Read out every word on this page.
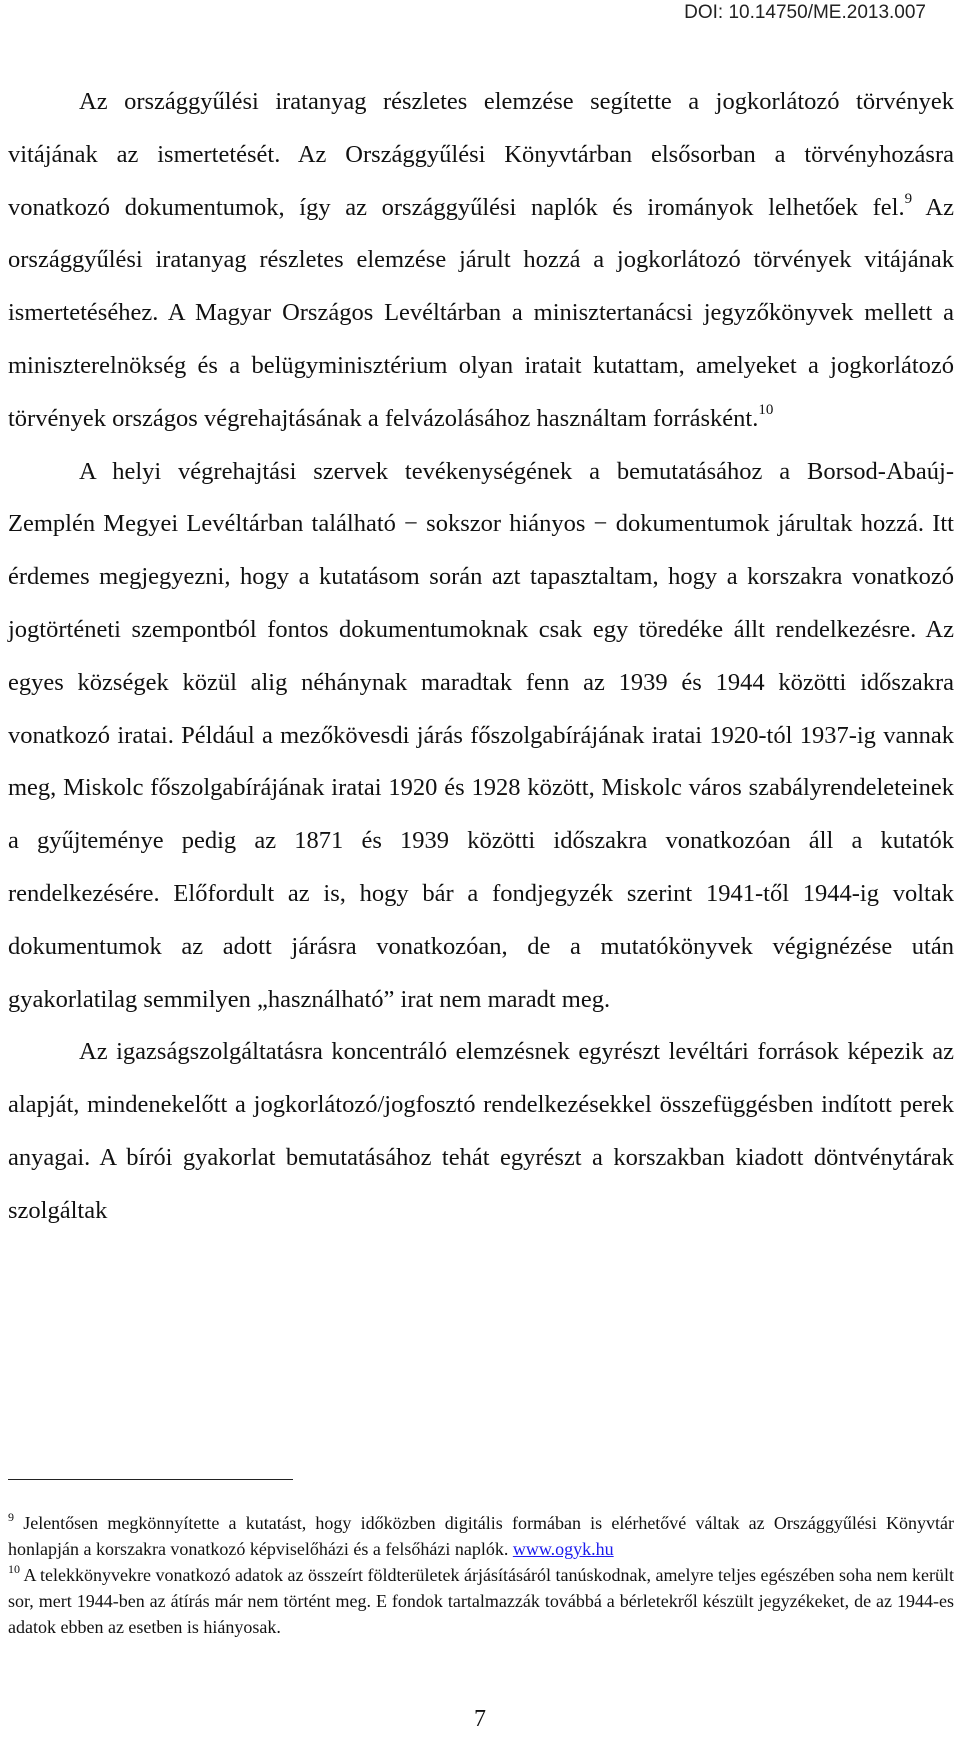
DOI: 10.14750/ME.2013.007

Az országgyűlési iratanyag részletes elemzése segítette a jogkorlátozó törvények vitájának az ismertetését. Az Országgyűlési Könyvtárban elsősorban a törvényhozásra vonatkozó dokumentumok, így az országgyűlési naplók és irományok lelhetőek fel.$^9$ Az országgyűlési iratanyag részletes elemzése járult hozzá a jogkorlátozó törvények vitájának ismertetéséhez. A Magyar Országos Levéltárban a minisztertanácsi jegyzőkönyvek mellett a miniszterelnökség és a belügyminisztérium olyan iratait kutattam, amelyeket a jogkorlátozó törvények országos végrehajtásának a felvázolásához használtam forrásként.$^{10}$

A helyi végrehajtási szervek tevékenységének a bemutatásához a Borsod-Abaúj-Zemplén Megyei Levéltárban található − sokszor hiányos − dokumentumok járultak hozzá. Itt érdemes megjegyezni, hogy a kutatásom során azt tapasztaltam, hogy a korszakra vonatkozó jogtörténeti szempontból fontos dokumentumoknak csak egy töredéke állt rendelkezésre. Az egyes községek közül alig néhánynak maradtak fenn az 1939 és 1944 közötti időszakra vonatkozó iratai. Például a mezőkövesdi járás főszolgabírájának iratai 1920-tól 1937-ig vannak meg, Miskolc főszolgabírájának iratai 1920 és 1928 között, Miskolc város szabályrendeleteinek a gyűjteménye pedig az 1871 és 1939 közötti időszakra vonatkozóan áll a kutatók rendelkezésére. Előfordult az is, hogy bár a fondjegyzék szerint 1941-től 1944-ig voltak dokumentumok az adott járásra vonatkozóan, de a mutatókönyvek végignézése után gyakorlatilag semmilyen „használható” irat nem maradt meg.

Az igazságszolgáltatásra koncentráló elemzésnek egyrészt levéltári források képezik az alapját, mindenekelőtt a jogkorlátozó/jogfosztó rendelkezésekkel összefüggésben indított perek anyagai. A bírói gyakorlat bemutatásához tehát egyrészt a korszakban kiadott döntvénytárak szolgáltak

$^9$ Jelentősen megkönnyítette a kutatást, hogy időközben digitális formában is elérhetővé váltak az Országgyűlési Könyvtár honlapján a korszakra vonatkozó képviselőházi és a felsőházi naplók. www.ogyk.hu

$^{10}$ A telekkönyvekre vonatkozó adatok az összeírt földterületek árjásításáról tanúskodnak, amelyre teljes egészében soha nem került sor, mert 1944-ben az átírás már nem történt meg. E fondok tartalmazzák továbbá a bérletekről készült jegyzékeket, de az 1944-es adatok ebben az esetben is hiányosak.

7
